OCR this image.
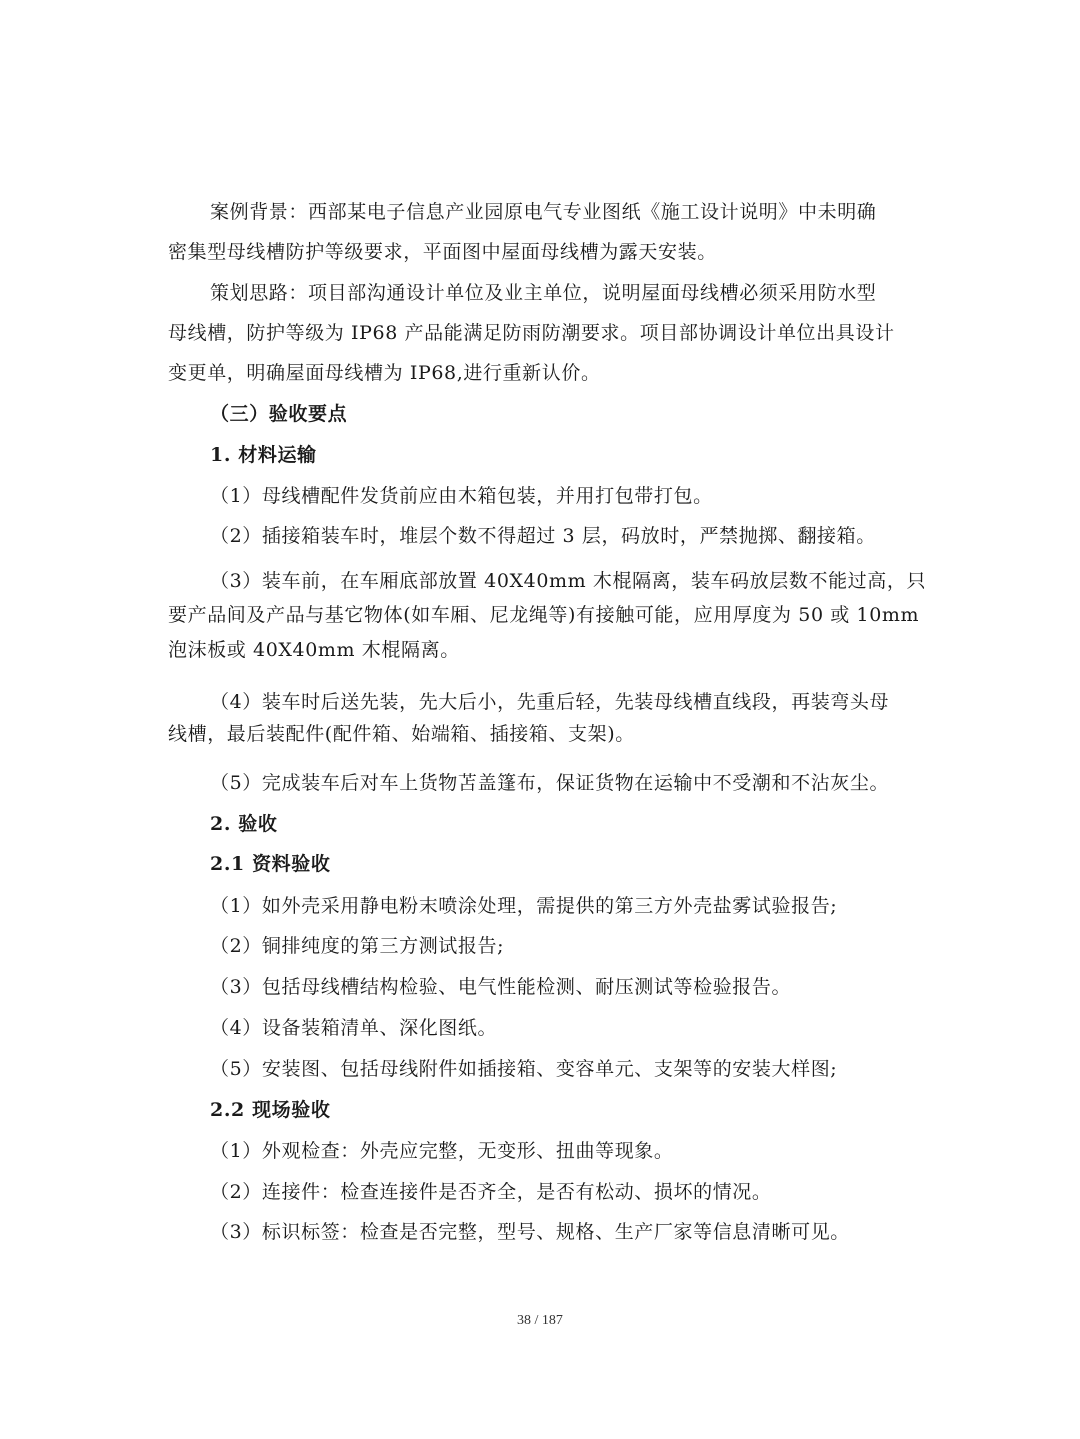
案例背景：西部某电子信息产业园原电气专业图纸《施工设计说明》中未明确
密集型母线槽防护等级要求，平面图中屋面母线槽为露天安装。
策划思路：项目部沟通设计单位及业主单位，说明屋面母线槽必须采用防水型
母线槽，防护等级为 IP68 产品能满足防雨防潮要求。项目部协调设计单位出具设计
变更单，明确屋面母线槽为 IP68,进行重新认价。
（三）验收要点
1. 材料运输
（1）母线槽配件发货前应由木箱包装，并用打包带打包。
（2）插接箱装车时，堆层个数不得超过 3 层，码放时，严禁抛掷、翻接箱。
（3）装车前，在车厢底部放置 40X40mm 木棍隔离，装车码放层数不能过高，只
要产品间及产品与基它物体(如车厢、尼龙绳等)有接触可能，应用厚度为 50 或 10mm
泡沫板或 40X40mm 木棍隔离。
（4）装车时后送先装，先大后小，先重后轻，先装母线槽直线段，再装弯头母
线槽，最后装配件(配件箱、始端箱、插接箱、支架)。
（5）完成装车后对车上货物苫盖篷布，保证货物在运输中不受潮和不沾灰尘。
2. 验收
2.1 资料验收
（1）如外壳采用静电粉末喷涂处理，需提供的第三方外壳盐雾试验报告;
（2）铜排纯度的第三方测试报告;
（3）包括母线槽结构检验、电气性能检测、耐压测试等检验报告。
（4）设备装箱清单、深化图纸。
（5）安装图、包括母线附件如插接箱、变容单元、支架等的安装大样图;
2.2 现场验收
（1）外观检查：外壳应完整，无变形、扭曲等现象。
（2）连接件：检查连接件是否齐全，是否有松动、损坏的情况。
（3）标识标签：检查是否完整，型号、规格、生产厂家等信息清晰可见。
38 / 187
